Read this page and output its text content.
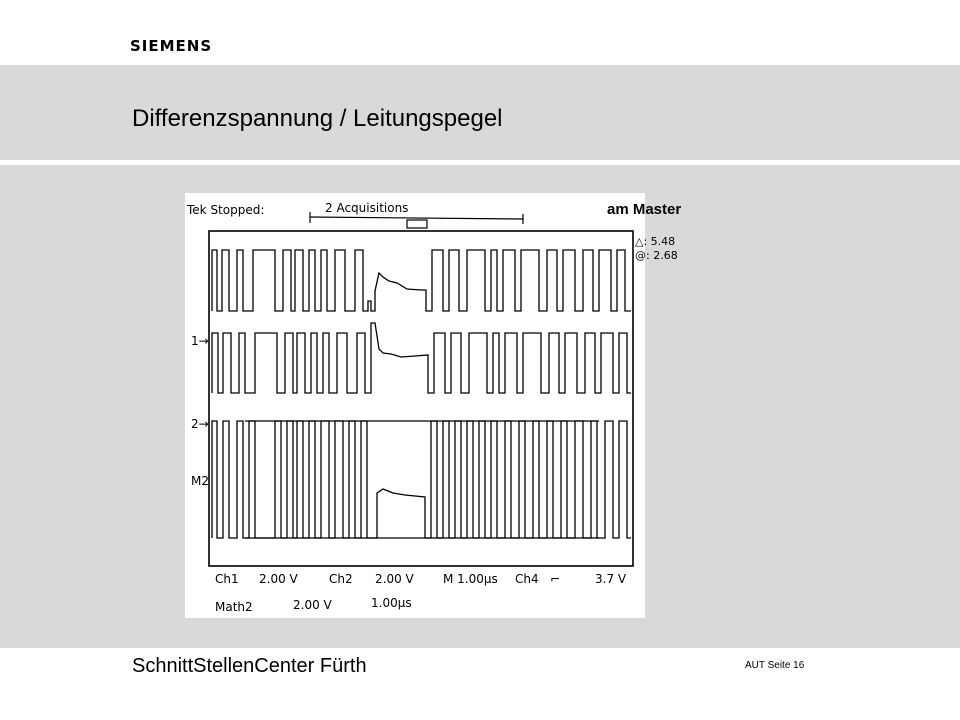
SIEMENS
Differenzspannung / Leitungspegel
Tek Stopped:	2 Acquisitions
△: 5.48
@: 2.68
1→
2→
M2
Ch1 2.00 V	Ch2 2.00 V M 1.00µs Ch4 ⌐	3.7 V
Math2	2.00 V	1.00µs
am Master
SchnittStellenCenter Fürth	AUT Seite 16
